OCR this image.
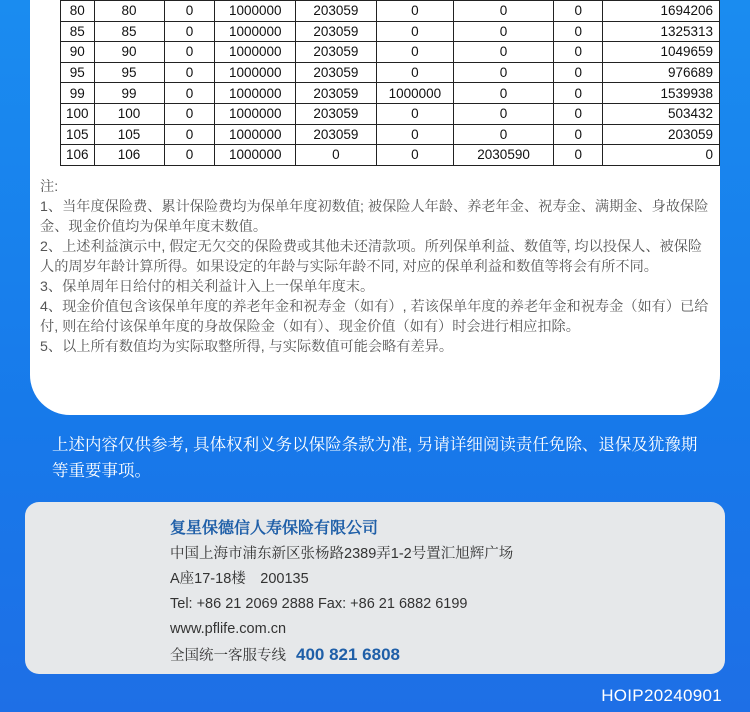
80	80	0	1000000	203059	0	0	0	1694206
85	85	0	1000000	203059	0	0	0	1325313
90	90	0	1000000	203059	0	0	0	1049659
95	95	0	1000000	203059	0	0	0	976689
99	99	0	1000000	203059	1000000	0	0	1539938
100	100	0	1000000	203059	0	0	0	503432
105	105	0	1000000	203059	0	0	0	203059
106	106	0	1000000	0	0	2030590	0	0
注:
1、当年度保险费、累计保险费均为保单年度初数值; 被保险人年龄、养老年金、祝寿金、满期金、身故保险金、现金价值均为保单年度末数值。
2、上述利益演示中, 假定无欠交的保险费或其他未还清款项。所列保单利益、数值等, 均以投保人、被保险人的周岁年龄计算所得。如果设定的年龄与实际年龄不同, 对应的保单利益和数值等将会有所不同。
3、保单周年日给付的相关利益计入上一保单年度末。
4、现金价值包含该保单年度的养老年金和祝寿金（如有）, 若该保单年度的养老年金和祝寿金（如有）已给付, 则在给付该保单年度的身故保险金（如有）、现金价值（如有）时会进行相应扣除。
5、以上所有数值均为实际取整所得, 与实际数值可能会略有差异。
上述内容仅供参考, 具体权利义务以保险条款为准, 另请详细阅读责任免除、退保及犹豫期等重要事项。
复星保德信人寿保险有限公司
中国上海市浦东新区张杨路2389弄1-2号置汇旭辉广场
A座17-18楼　200135
Tel: +86 21 2069 2888 Fax: +86 21 6882 6199
www.pflife.com.cn
全国统一客服专线 400 821 6808
HOIP20240901
